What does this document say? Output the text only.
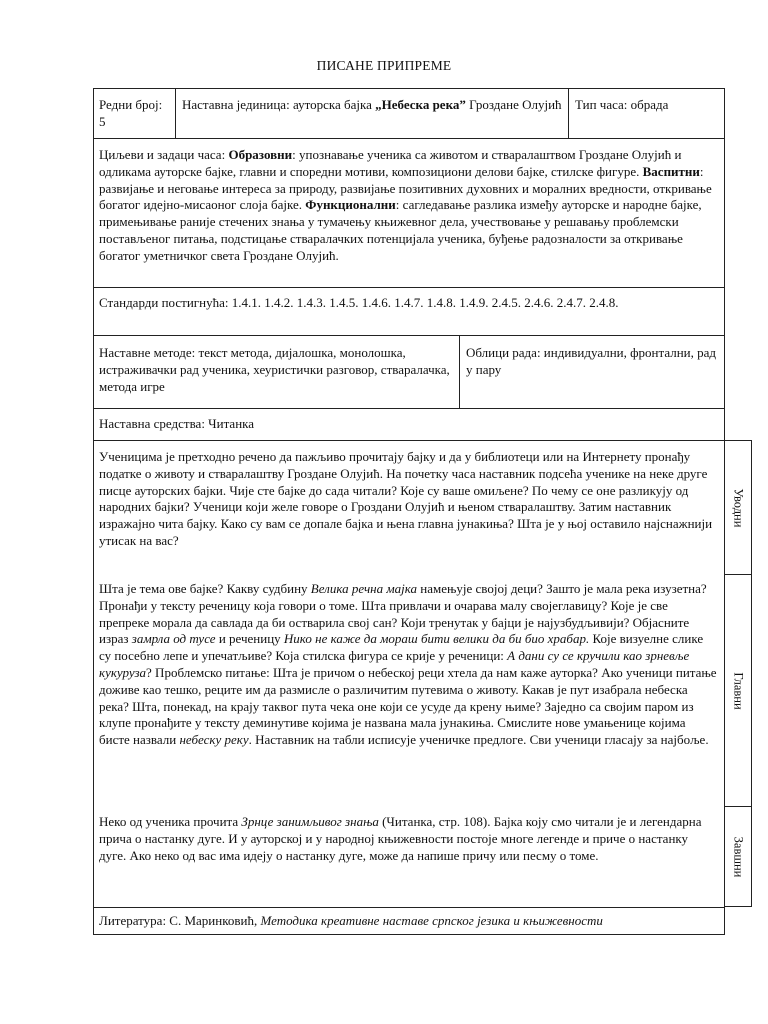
ПИСАНЕ ПРИПРЕМЕ
Редни број: 5
Наставна јединица: ауторска бајка „Небеска река” Гроздане Олујић	Тип часа: обрада
Циљеви и задаци часа: Образовни: упознавање ученика са животом и стваралаштвом Гроздане Олујић и одликама ауторске бајке, главни и споредни мотиви, композициони делови бајке, стилске фигуре. Васпитни: развијање и неговање интереса за природу, развијање позитивних духовних и моралних вредности, откривање богатог идејно-мисаоног слоја бајке. Функционални: сагледавање разлика између ауторске и народне бајке, примењивање раније стечених знања у тумачењу књижевног дела, учествовање у решавању проблемски постављеног питања, подстицање стваралачких потенцијала ученика, буђење радозналости за откривање богатог уметничког света Гроздане Олујић.
Стандарди постигнућа: 1.4.1. 1.4.2. 1.4.3. 1.4.5. 1.4.6. 1.4.7. 1.4.8. 1.4.9. 2.4.5. 2.4.6. 2.4.7. 2.4.8.
Наставне методе: текст метода, дијалошка, монолошка, истраживачки рад ученика, хеуристички разговор, стваралачка, метода игре
Облици рада: индивидуални, фронтални, рад у пару
Наставна средства: Читанка
Ученицима је претходно речено да пажљиво прочитају бајку и да у библиотеци или на Интернету пронађу податке о животу и стваралаштву Гроздане Олујић. На почетку часа наставник подсећа ученике на неке друге писце ауторских бајки. Чије сте бајке до сада читали? Које су ваше омиљене? По чему се оне разликују од народних бајки? Ученици који желе говоре о Гроздани Олујић и њеном стваралаштву. Затим наставник изражајно чита бајку. Како су вам се допале бајка и њена главна јунакиња? Шта је у њој оставило најснажнији утисак на вас?
Шта је тема ове бајке? Какву судбину Велика речна мајка намењује својој деци? Зашто је мала река изузетна? Пронађи у тексту реченицу која говори о томе. Шта привлачи и очарава малу својеглавицу? Које је све препреке морала да савлада да би остварила свој сан? Који тренутак у бајци је најузбудљивији? Објасните израз замрла од тусе и реченицу Нико не каже да мораш бити велики да би био храбар. Које визуелне слике су посебно лепе и упечатљиве? Која стилска фигура се крије у реченици: А дани су се кручили као зрневље кукуруза? Проблемско питање: Шта је причом о небеској реци хтела да нам каже ауторка? Ако ученици питање доживе као тешко, реците им да размисле о различитим путевима о животу. Какав је пут изабрала небеска река? Шта, понекад, на крају таквог пута чека оне који се усуде да крену њиме? Заједно са својим паром из клупе пронађите у тексту деминутиве којима је названа мала јунакиња. Смислите нове умањенице којима бисте назвали небеску реку. Наставник на табли исписује ученичке предлоге. Сви ученици гласају за најбоље.
Неко од ученика прочита Зрнце занимљивог знања (Читанка, стр. 108). Бајка коју смо читали је и легендарна прича о настанку дуге. И у ауторској и у народној књижевности постоје многе легенде и приче о настанку дуге. Ако неко од вас има идеју о настанку дуге, може да напише причу или песму о томе.
Литература: С. Маринковић, Методика креативне наставе српског језика и књижевности
Уводни
Главни
Завшни
